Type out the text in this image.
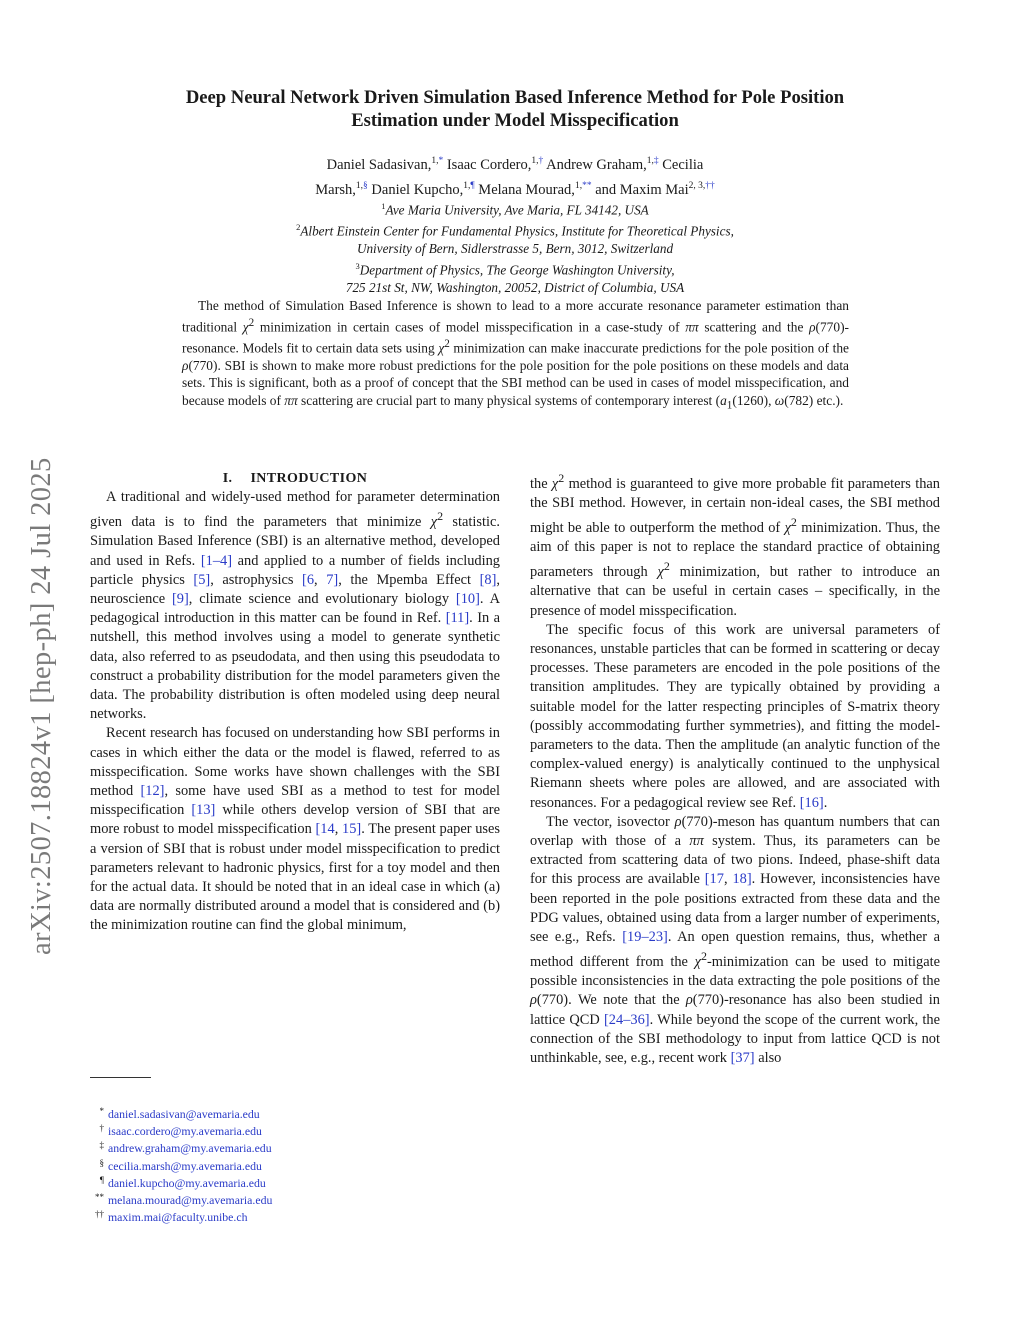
arXiv:2507.18824v1 [hep-ph] 24 Jul 2025
Deep Neural Network Driven Simulation Based Inference Method for Pole Position
Estimation under Model Misspecification
Daniel Sadasivan,$^{1,*}$ Isaac Cordero,$^{1,\dagger}$ Andrew Graham,$^{1,\ddagger}$ Cecilia
Marsh,$^{1,\S}$ Daniel Kupcho,$^{1,\P}$ Melana Mourad,$^{1,**}$ and Maxim Mai$^{2, 3,\dagger\dagger}$
$^1$Ave Maria University, Ave Maria, FL 34142, USA
$^2$Albert Einstein Center for Fundamental Physics, Institute for Theoretical Physics,
University of Bern, Sidlerstrasse 5, Bern, 3012, Switzerland
$^3$Department of Physics, The George Washington University,
725 21st St, NW, Washington, 20052, District of Columbia, USA
The method of Simulation Based Inference is shown to lead to a more accurate resonance parameter estimation than traditional $\chi^2$ minimization in certain cases of model misspecification in a case-study of ππ scattering and the ρ(770)-resonance. Models fit to certain data sets using $\chi^2$ minimization can make inaccurate predictions for the pole position of the ρ(770). SBI is shown to make more robust predictions for the pole position for the pole positions on these models and data sets. This is significant, both as a proof of concept that the SBI method can be used in cases of model misspecification, and because models of ππ scattering are crucial part to many physical systems of contemporary interest ($a_1(1260)$, ω(782) etc.).

I. INTRODUCTION

A traditional and widely-used method for parameter determination given data is to find the parameters that minimize $\chi^2$ statistic. Simulation Based Inference (SBI) is an alternative method, developed and used in Refs. [1–4] and applied to a number of fields including particle physics [5], astrophysics [6, 7], the Mpemba Effect [8], neuroscience [9], climate science and evolutionary biology [10]. A pedagogical introduction in this matter can be found in Ref. [11]. In a nutshell, this method involves using a model to generate synthetic data, also referred to as pseudodata, and then using this pseudodata to construct a probability distribution for the model parameters given the data. The probability distribution is often modeled using deep neural networks.

Recent research has focused on understanding how SBI performs in cases in which either the data or the model is flawed, referred to as misspecification. Some works have shown challenges with the SBI method [12], some have used SBI as a method to test for model misspecification [13] while others develop version of SBI that are more robust to model misspecification [14, 15]. The present paper uses a version of SBI that is robust under model misspecification to predict parameters relevant to hadronic physics, first for a toy model and then for the actual data. It should be noted that in an ideal case in which (a) data are normally distributed around a model that is considered and (b) the minimization routine can find the global minimum,

the $\chi^2$ method is guaranteed to give more probable fit parameters than the SBI method. However, in certain non-ideal cases, the SBI method might be able to outperform the method of $\chi^2$ minimization. Thus, the aim of this paper is not to replace the standard practice of obtaining parameters through $\chi^2$ minimization, but rather to introduce an alternative that can be useful in certain cases – specifically, in the presence of model misspecification.

The specific focus of this work are universal parameters of resonances, unstable particles that can be formed in scattering or decay processes. These parameters are encoded in the pole positions of the transition amplitudes. They are typically obtained by providing a suitable model for the latter respecting principles of S-matrix theory (possibly accommodating further symmetries), and fitting the model-parameters to the data. Then the amplitude (an analytic function of the complex-valued energy) is analytically continued to the unphysical Riemann sheets where poles are allowed, and are associated with resonances. For a pedagogical review see Ref. [16].

The vector, isovector ρ(770)-meson has quantum numbers that can overlap with those of a ππ system. Thus, its parameters can be extracted from scattering data of two pions. Indeed, phase-shift data for this process are available [17, 18]. However, inconsistencies have been reported in the pole positions extracted from these data and the PDG values, obtained using data from a larger number of experiments, see e.g., Refs. [19–23]. An open question remains, thus, whether a method different from the $\chi^2$-minimization can be used to mitigate possible inconsistencies in the data extracting the pole positions of the ρ(770). We note that the ρ(770)-resonance has also been studied in lattice QCD [24–36]. While beyond the scope of the current work, the connection of the SBI methodology to input from lattice QCD is not unthinkable, see, e.g., recent work [37] also

* daniel.sadasivan@avemaria.edu
† isaac.cordero@my.avemaria.edu
‡ andrew.graham@my.avemaria.edu
§ cecilia.marsh@my.avemaria.edu
¶ daniel.kupcho@my.avemaria.edu
** melana.mourad@my.avemaria.edu
†† maxim.mai@faculty.unibe.ch
